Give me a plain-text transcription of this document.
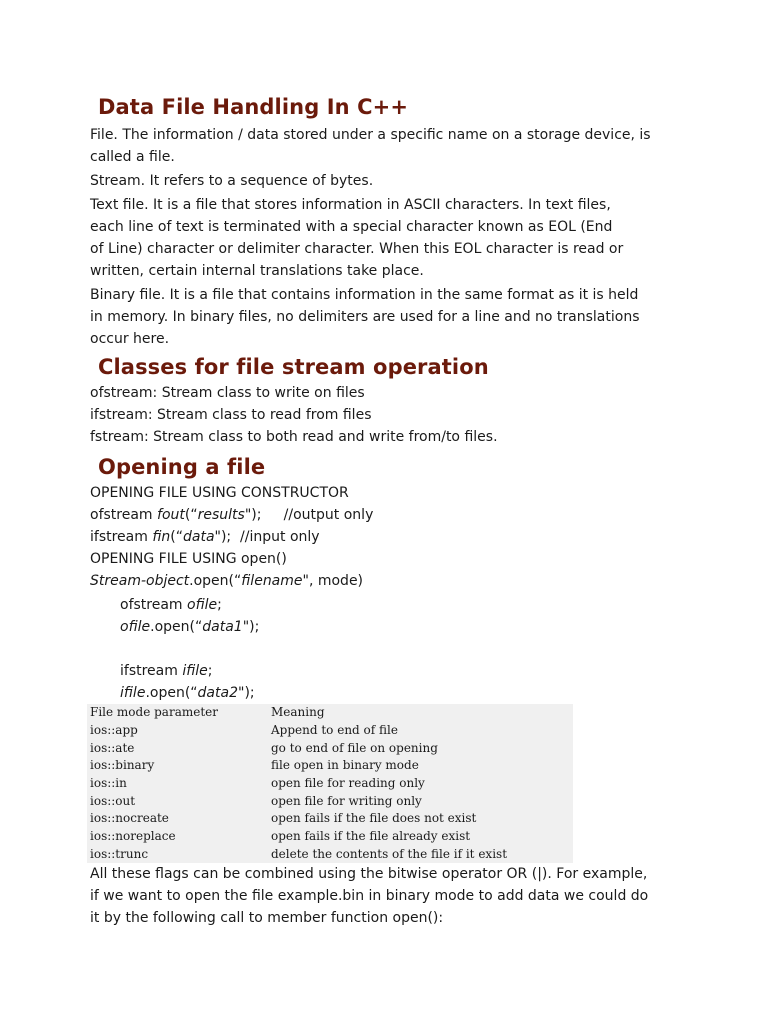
Data File Handling In C++

File. The information / data stored under a specific name on a storage device, is
called a file.

Stream. It refers to a sequence of bytes.

Text file. It is a file that stores information in ASCII characters. In text files,
each line of text is terminated with a special character known as EOL (End
of Line) character or delimiter character. When this EOL character is read or
written, certain internal translations take place.

Binary file. It is a file that contains information in the same format as it is held
in memory. In binary files, no delimiters are used for a line and no translations
occur here.

Classes for file stream operation
ofstream: Stream class to write on files
ifstream: Stream class to read from files
fstream: Stream class to both read and write from/to files.
Opening a file
OPENING FILE USING CONSTRUCTOR
ofstream fout(“results");     //output only
ifstream fin(“data");  //input only
OPENING FILE USING open()
Stream-object.open(“filename", mode)
ofstream ofile;
ofile.open(“data1");
ifstream ifile;
ifile.open(“data2");
File mode parameter	Meaning
ios::app	Append to end of file
ios::ate	go to end of file on opening
ios::binary	file open in binary mode
ios::in	open file for reading only
ios::out	open file for writing only
ios::nocreate	open fails if the file does not exist
ios::noreplace	open fails if the file already exist
ios::trunc	delete the contents of the file if it exist

All these flags can be combined using the bitwise operator OR (|). For example,
if we want to open the file example.bin in binary mode to add data we could do
it by the following call to member function open():
